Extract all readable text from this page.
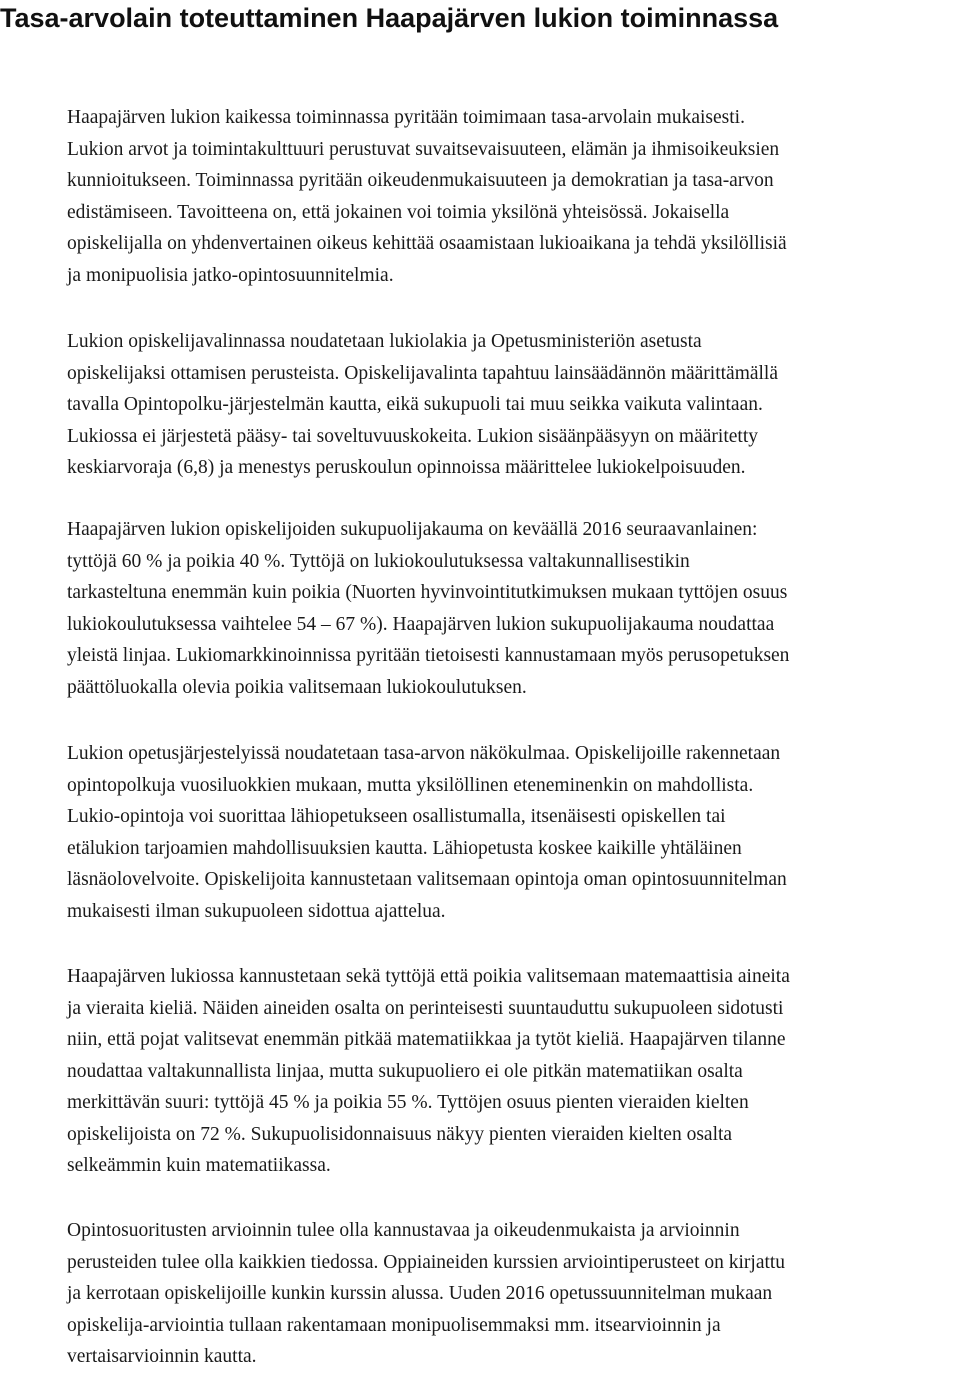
Tasa-arvolain toteuttaminen Haapajärven lukion toiminnassa

Haapajärven lukion kaikessa toiminnassa pyritään toimimaan tasa-arvolain mukaisesti.
Lukion arvot ja toimintakulttuuri perustuvat suvaitsevaisuuteen, elämän ja ihmisoikeuksien
kunnioitukseen. Toiminnassa pyritään oikeudenmukaisuuteen ja demokratian ja tasa-arvon
edistämiseen. Tavoitteena on, että jokainen voi toimia yksilönä yhteisössä. Jokaisella
opiskelijalla on yhdenvertainen oikeus kehittää osaamistaan lukioaikana ja tehdä yksilöllisiä
ja monipuolisia jatko-opintosuunnitelmia.

Lukion opiskelijavalinnassa noudatetaan lukiolakia ja Opetusministeriön asetusta
opiskelijaksi ottamisen perusteista. Opiskelijavalinta tapahtuu lainsäädännön määrittämällä
tavalla Opintopolku-järjestelmän kautta, eikä sukupuoli tai muu seikka vaikuta valintaan.
Lukiossa ei järjestetä pääsy- tai soveltuvuuskokeita. Lukion sisäänpääsyyn on määritetty
keskiarvoraja (6,8) ja menestys peruskoulun opinnoissa määrittelee lukiokelpoisuuden.

Haapajärven lukion opiskelijoiden sukupuolijakauma on keväällä 2016 seuraavanlainen:
tyttöjä 60 % ja poikia 40 %. Tyttöjä on lukiokoulutuksessa valtakunnallisestikin
tarkasteltuna enemmän kuin poikia (Nuorten hyvinvointitutkimuksen mukaan tyttöjen osuus
lukiokoulutuksessa vaihtelee 54 – 67 %). Haapajärven lukion sukupuolijakauma noudattaa
yleistä linjaa. Lukiomarkkinoinnissa pyritään tietoisesti kannustamaan myös perusopetuksen
päättöluokalla olevia poikia valitsemaan lukiokoulutuksen.

Lukion opetusjärjestelyissä noudatetaan tasa-arvon näkökulmaa. Opiskelijoille rakennetaan
opintopolkuja vuosiluokkien mukaan, mutta yksilöllinen eteneminenkin on mahdollista.
Lukio-opintoja voi suorittaa lähiopetukseen osallistumalla, itsenäisesti opiskellen tai
etälukion tarjoamien mahdollisuuksien kautta. Lähiopetusta koskee kaikille yhtäläinen
läsnäolovelvoite. Opiskelijoita kannustetaan valitsemaan opintoja oman opintosuunnitelman
mukaisesti ilman sukupuoleen sidottua ajattelua.

Haapajärven lukiossa kannustetaan sekä tyttöjä että poikia valitsemaan matemaattisia aineita
ja vieraita kieliä. Näiden aineiden osalta on perinteisesti suuntauduttu sukupuoleen sidotusti
niin, että pojat valitsevat enemmän pitkää matematiikkaa ja tytöt kieliä. Haapajärven tilanne
noudattaa valtakunnallista linjaa, mutta sukupuoliero ei ole pitkän matematiikan osalta
merkittävän suuri: tyttöjä 45 % ja poikia 55 %. Tyttöjen osuus pienten vieraiden kielten
opiskelijoista on 72 %. Sukupuolisidonnaisuus näkyy pienten vieraiden kielten osalta
selkeämmin kuin matematiikassa.

Opintosuoritusten arvioinnin tulee olla kannustavaa ja oikeudenmukaista ja arvioinnin
perusteiden tulee olla kaikkien tiedossa. Oppiaineiden kurssien arviointiperusteet on kirjattu
ja kerrotaan opiskelijoille kunkin kurssin alussa. Uuden 2016 opetussuunnitelman mukaan
opiskelija-arviointia tullaan rakentamaan monipuolisemmaksi mm. itsearvioinnin ja
vertaisarvioinnin kautta.
